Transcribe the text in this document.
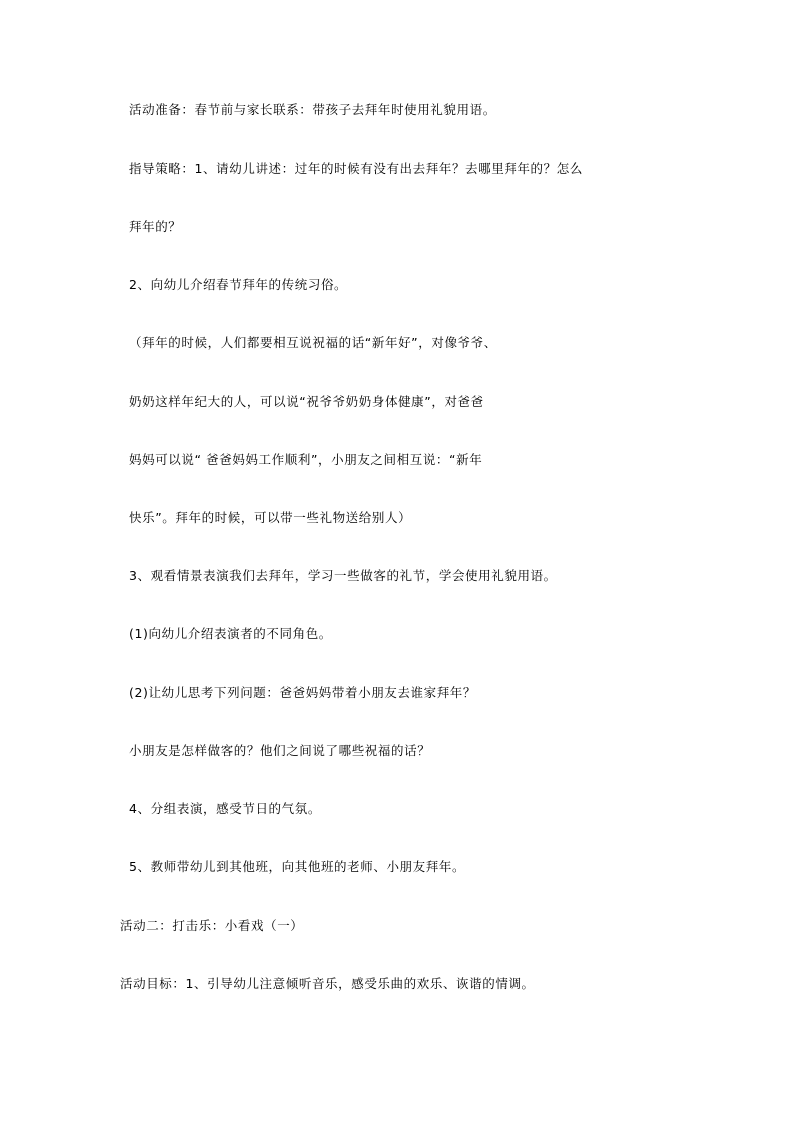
活动准备：春节前与家长联系：带孩子去拜年时使用礼貌用语。

指导策略：1、请幼儿讲述：过年的时候有没有出去拜年？去哪里拜年的？怎么

拜年的？

2、向幼儿介绍春节拜年的传统习俗。

（拜年的时候，人们都要相互说祝福的话“新年好”，对像爷爷、

奶奶这样年纪大的人，可以说“祝爷爷奶奶身体健康”，对爸爸

妈妈可以说“ 爸爸妈妈工作顺利”，小朋友之间相互说：“新年

快乐”。拜年的时候，可以带一些礼物送给别人）

3、观看情景表演我们去拜年，学习一些做客的礼节，学会使用礼貌用语。

(1)向幼儿介绍表演者的不同角色。

(2)让幼儿思考下列问题：爸爸妈妈带着小朋友去谁家拜年？

小朋友是怎样做客的？他们之间说了哪些祝福的话？

4、分组表演，感受节日的气氛。

5、教师带幼儿到其他班，向其他班的老师、小朋友拜年。

活动二：打击乐：小看戏（一）

活动目标：1、引导幼儿注意倾听音乐，感受乐曲的欢乐、诙谐的情调。
